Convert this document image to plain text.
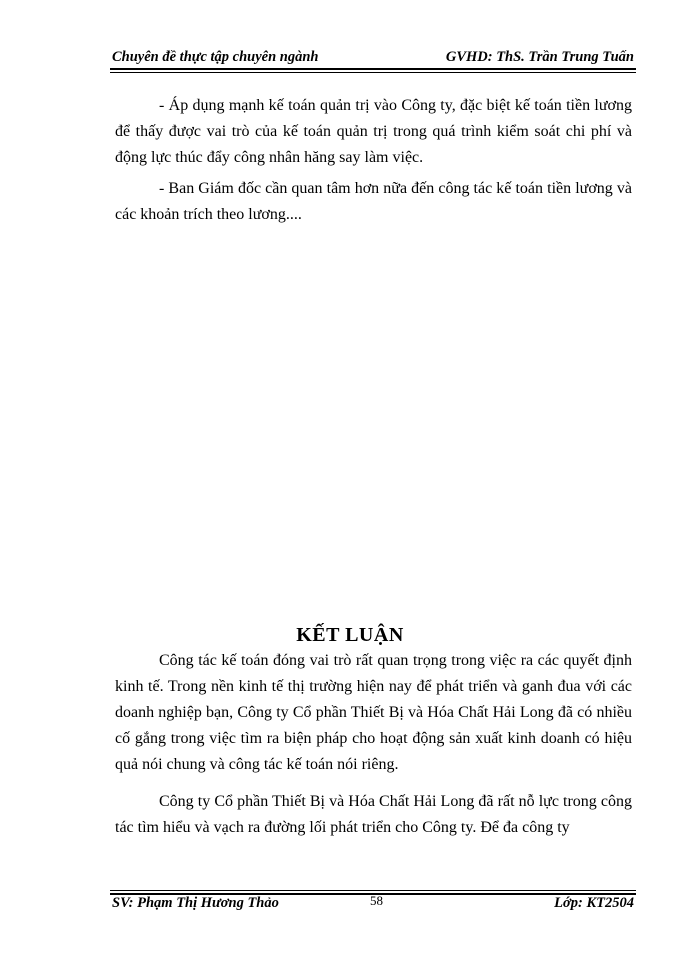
Chuyên đề thực tập chuyên ngành	GVHD: ThS. Trần Trung Tuấn
- Áp dụng mạnh kế toán quản trị vào Công ty, đặc biệt kế toán tiền lương để thấy được vai trò của kế toán quản trị trong quá trình kiểm soát chi phí và động lực thúc đẩy công nhân hăng say làm việc.
- Ban Giám đốc cần quan tâm hơn nữa đến công tác kế toán tiền lương và các khoản trích theo lương....
KẾT LUẬN
Công tác kế toán đóng vai trò rất quan trọng trong việc ra các quyết định kinh tế. Trong nền kinh tế thị trường hiện nay để phát triển và ganh đua với các doanh nghiệp bạn, Công ty Cổ phần Thiết Bị và Hóa Chất Hải Long đã có nhiều cố gắng trong việc tìm ra biện pháp cho hoạt động sản xuất kinh doanh có hiệu quả nói chung và công tác kế toán nói riêng.
Công ty Cổ phần Thiết Bị và Hóa Chất Hải Long đã rất nỗ lực trong công tác tìm hiểu và vạch ra đường lối phát triển cho Công ty. Để đa công ty
SV: Phạm Thị Hương Thảo	58	Lớp: KT2504
